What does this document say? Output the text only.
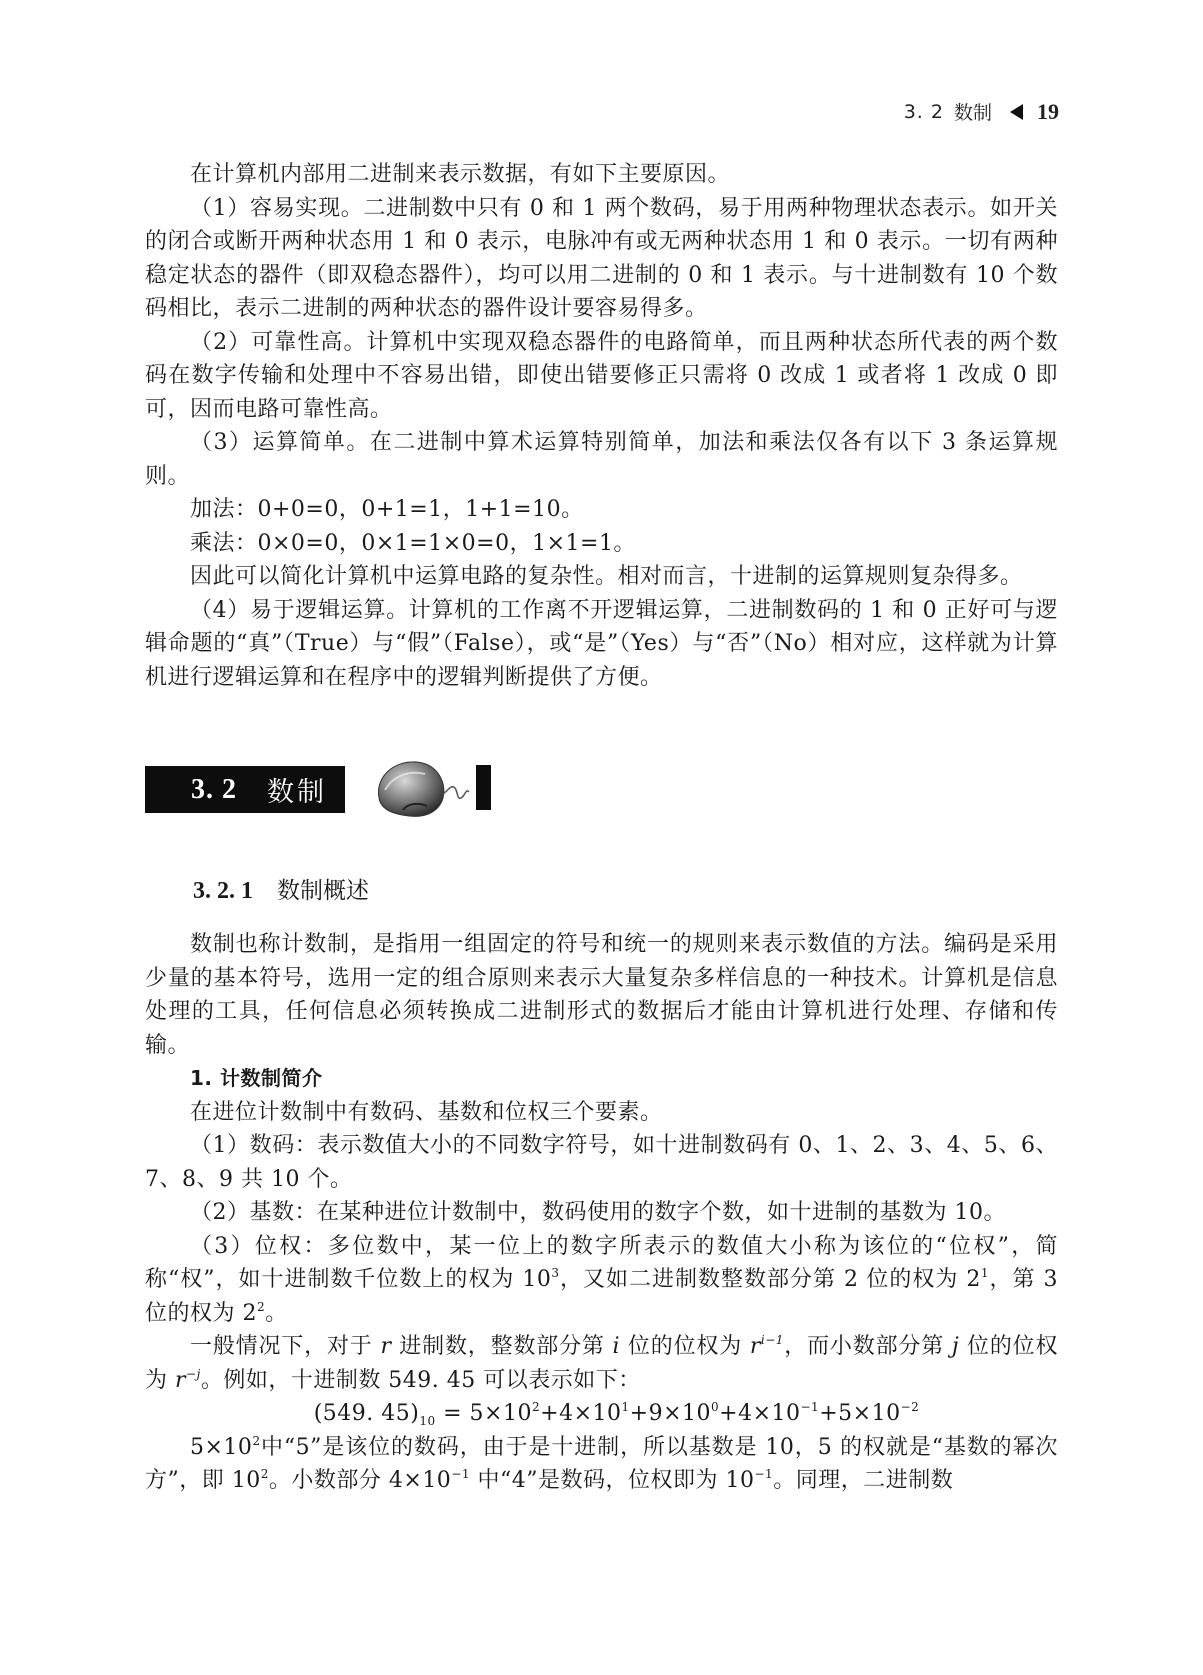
3. 2 数制 19

在计算机内部用二进制来表示数据，有如下主要原因。

（1）容易实现。二进制数中只有 0 和 1 两个数码，易于用两种物理状态表示。如开关的闭合或断开两种状态用 1 和 0 表示，电脉冲有或无两种状态用 1 和 0 表示。一切有两种稳定状态的器件（即双稳态器件），均可以用二进制的 0 和 1 表示。与十进制数有 10 个数码相比，表示二进制的两种状态的器件设计要容易得多。

（2）可靠性高。计算机中实现双稳态器件的电路简单，而且两种状态所代表的两个数码在数字传输和处理中不容易出错，即使出错要修正只需将 0 改成 1 或者将 1 改成 0 即可，因而电路可靠性高。

（3）运算简单。在二进制中算术运算特别简单，加法和乘法仅各有以下 3 条运算规则。

加法：0+0=0，0+1=1，1+1=10。

乘法：0×0=0，0×1=1×0=0，1×1=1。

因此可以简化计算机中运算电路的复杂性。相对而言，十进制的运算规则复杂得多。

（4）易于逻辑运算。计算机的工作离不开逻辑运算，二进制数码的 1 和 0 正好可与逻辑命题的“真”（True）与“假”（False），或“是”（Yes）与“否”（No）相对应，这样就为计算机进行逻辑运算和在程序中的逻辑判断提供了方便。

3. 2 数制
3. 2. 1 数制概述

数制也称计数制，是指用一组固定的符号和统一的规则来表示数值的方法。编码是采用少量的基本符号，选用一定的组合原则来表示大量复杂多样信息的一种技术。计算机是信息处理的工具，任何信息必须转换成二进制形式的数据后才能由计算机进行处理、存储和传输。

1. 计数制简介

在进位计数制中有数码、基数和位权三个要素。

（1）数码：表示数值大小的不同数字符号，如十进制数码有 0、1、2、3、4、5、6、7、8、9 共 10 个。

（2）基数：在某种进位计数制中，数码使用的数字个数，如十进制的基数为 10。

（3）位权：多位数中，某一位上的数字所表示的数值大小称为该位的“位权”，简称“权”，如十进制数千位数上的权为 $10^3$，又如二进制数整数部分第 2 位的权为 $2^1$，第 3 位的权为 $2^2$。

一般情况下，对于 r 进制数，整数部分第 i 位的位权为 $r^{i-1}$，而小数部分第 j 位的位权为 $r^{-j}$。例如，十进制数 549. 45 可以表示如下：

(549. $45)_{10} = 5\times 10^2+4\times 10^1+9\times 10^0+4\times 10^{-1}+5\times 10^{-2}$

$5\times 10^2$中“5”是该位的数码，由于是十进制，所以基数是 10，5 的权就是“基数的幂次方”，即 $10^2$。小数部分 $4\times 10^{-1}$ 中“4”是数码，位权即为 $10^{-1}$。同理，二进制数
